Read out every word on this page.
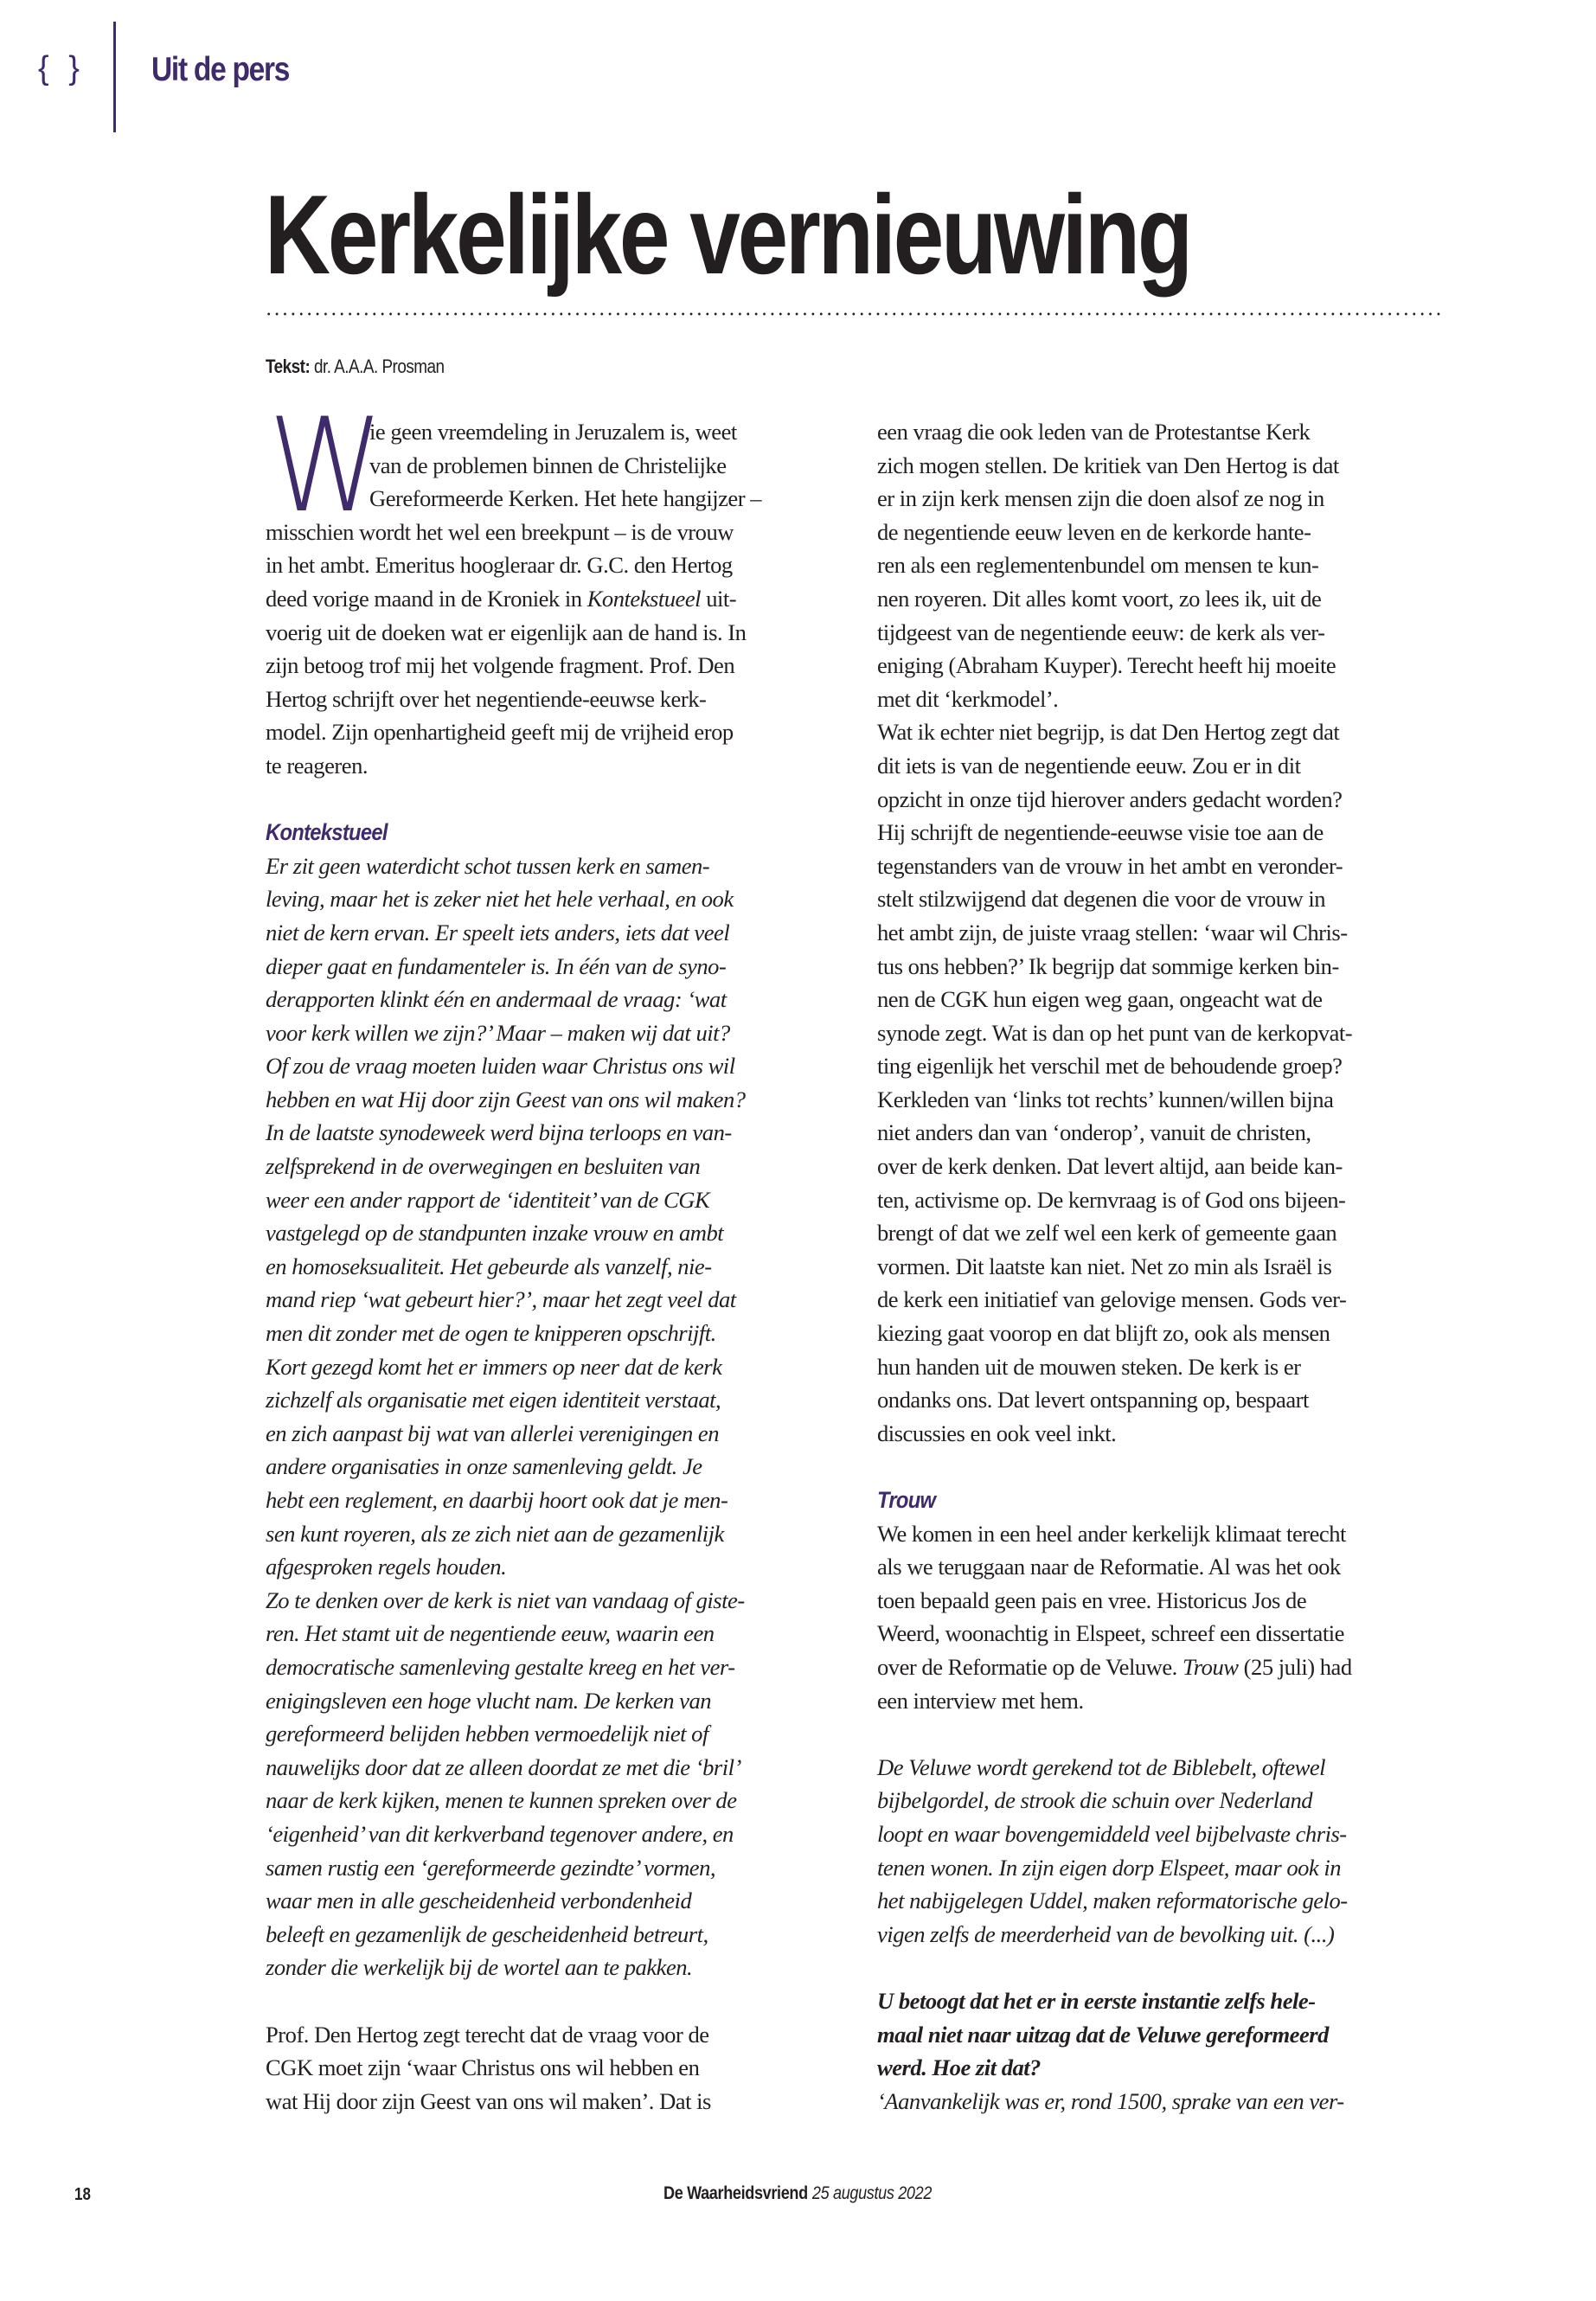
{ } Uit de pers
Kerkelijke vernieuwing
Tekst: dr. A.A.A. Prosman
W

ie geen vreemdeling in Jeruzalem is, weet

van de problemen binnen de Christelijke

Gereformeerde Kerken. Het hete hangijzer –

misschien wordt het wel een breekpunt – is de vrouw

in het ambt. Emeritus hoogleraar dr. G.C. den Hertog

deed vorige maand in de Kroniek in Kontekstueel uit-

voerig uit de doeken wat er eigenlijk aan de hand is. In

zijn betoog trof mij het volgende fragment. Prof. Den

Hertog schrijft over het negentiende-eeuwse kerk-

model. Zijn openhartigheid geeft mij de vrijheid erop

te reageren.

Kontekstueel

Er zit geen waterdicht schot tussen kerk en samen-

leving, maar het is zeker niet het hele verhaal, en ook

niet de kern ervan. Er speelt iets anders, iets dat veel

dieper gaat en fundamenteler is. In één van de syno-

derapporten klinkt één en andermaal de vraag: ‘wat

voor kerk willen we zijn?’ Maar – maken wij dat uit?

Of zou de vraag moeten luiden waar Christus ons wil

hebben en wat Hij door zijn Geest van ons wil maken?

In de laatste synodeweek werd bijna terloops en van-

zelfsprekend in de overwegingen en besluiten van

weer een ander rapport de ‘identiteit’ van de CGK

vastgelegd op de standpunten inzake vrouw en ambt

en homoseksualiteit. Het gebeurde als vanzelf, nie-

mand riep ‘wat gebeurt hier?’, maar het zegt veel dat

men dit zonder met de ogen te knipperen opschrijft.

Kort gezegd komt het er immers op neer dat de kerk

zichzelf als organisatie met eigen identiteit verstaat,

en zich aanpast bij wat van allerlei verenigingen en

andere organisaties in onze samenleving geldt. Je

hebt een reglement, en daarbij hoort ook dat je men-

sen kunt royeren, als ze zich niet aan de gezamenlijk

afgesproken regels houden.

Zo te denken over de kerk is niet van vandaag of giste-

ren. Het stamt uit de negentiende eeuw, waarin een

democratische samenleving gestalte kreeg en het ver-

enigingsleven een hoge vlucht nam. De kerken van

gereformeerd belijden hebben vermoedelijk niet of

nauwelijks door dat ze alleen doordat ze met die ‘bril’

naar de kerk kijken, menen te kunnen spreken over de

‘eigenheid’ van dit kerkverband tegenover andere, en

samen rustig een ‘gereformeerde gezindte’ vormen,

waar men in alle gescheidenheid verbondenheid

beleeft en gezamenlijk de gescheidenheid betreurt,

zonder die werkelijk bij de wortel aan te pakken.

Prof. Den Hertog zegt terecht dat de vraag voor de

CGK moet zijn ‘waar Christus ons wil hebben en

wat Hij door zijn Geest van ons wil maken’. Dat is

een vraag die ook leden van de Protestantse Kerk

zich mogen stellen. De kritiek van Den Hertog is dat

er in zijn kerk mensen zijn die doen alsof ze nog in

de negentiende eeuw leven en de kerkorde hante-

ren als een reglementenbundel om mensen te kun-

nen royeren. Dit alles komt voort, zo lees ik, uit de

tijdgeest van de negentiende eeuw: de kerk als ver-

eniging (Abraham Kuyper). Terecht heeft hij moeite

met dit ‘kerkmodel’.

Wat ik echter niet begrijp, is dat Den Hertog zegt dat

dit iets is van de negentiende eeuw. Zou er in dit

opzicht in onze tijd hierover anders gedacht worden?

Hij schrijft de negentiende-eeuwse visie toe aan de

tegenstanders van de vrouw in het ambt en veronder-

stelt stilzwijgend dat degenen die voor de vrouw in

het ambt zijn, de juiste vraag stellen: ‘waar wil Chris-

tus ons hebben?’ Ik begrijp dat sommige kerken bin-

nen de CGK hun eigen weg gaan, ongeacht wat de

synode zegt. Wat is dan op het punt van de kerkopvat-

ting eigenlijk het verschil met de behoudende groep?

Kerkleden van ‘links tot rechts’ kunnen/willen bijna

niet anders dan van ‘onderop’, vanuit de christen,

over de kerk denken. Dat levert altijd, aan beide kan-

ten, activisme op. De kernvraag is of God ons bijeen-

brengt of dat we zelf wel een kerk of gemeente gaan

vormen. Dit laatste kan niet. Net zo min als Israël is

de kerk een initiatief van gelovige mensen. Gods ver-

kiezing gaat voorop en dat blijft zo, ook als mensen

hun handen uit de mouwen steken. De kerk is er

ondanks ons. Dat levert ontspanning op, bespaart

discussies en ook veel inkt.

Trouw

We komen in een heel ander kerkelijk klimaat terecht

als we teruggaan naar de Reformatie. Al was het ook

toen bepaald geen pais en vree. Historicus Jos de

Weerd, woonachtig in Elspeet, schreef een dissertatie

over de Reformatie op de Veluwe. Trouw (25 juli) had

een interview met hem.

De Veluwe wordt gerekend tot de Biblebelt, oftewel

bijbelgordel, de strook die schuin over Nederland

loopt en waar bovengemiddeld veel bijbelvaste chris-

tenen wonen. In zijn eigen dorp Elspeet, maar ook in

het nabijgelegen Uddel, maken reformatorische gelo-

vigen zelfs de meerderheid van de bevolking uit. (...)

U betoogt dat het er in eerste instantie zelfs hele-

maal niet naar uitzag dat de Veluwe gereformeerd

werd. Hoe zit dat?

‘Aanvankelijk was er, rond 1500, sprake van een ver-

18	De Waarheidsvriend 25 augustus 2022
